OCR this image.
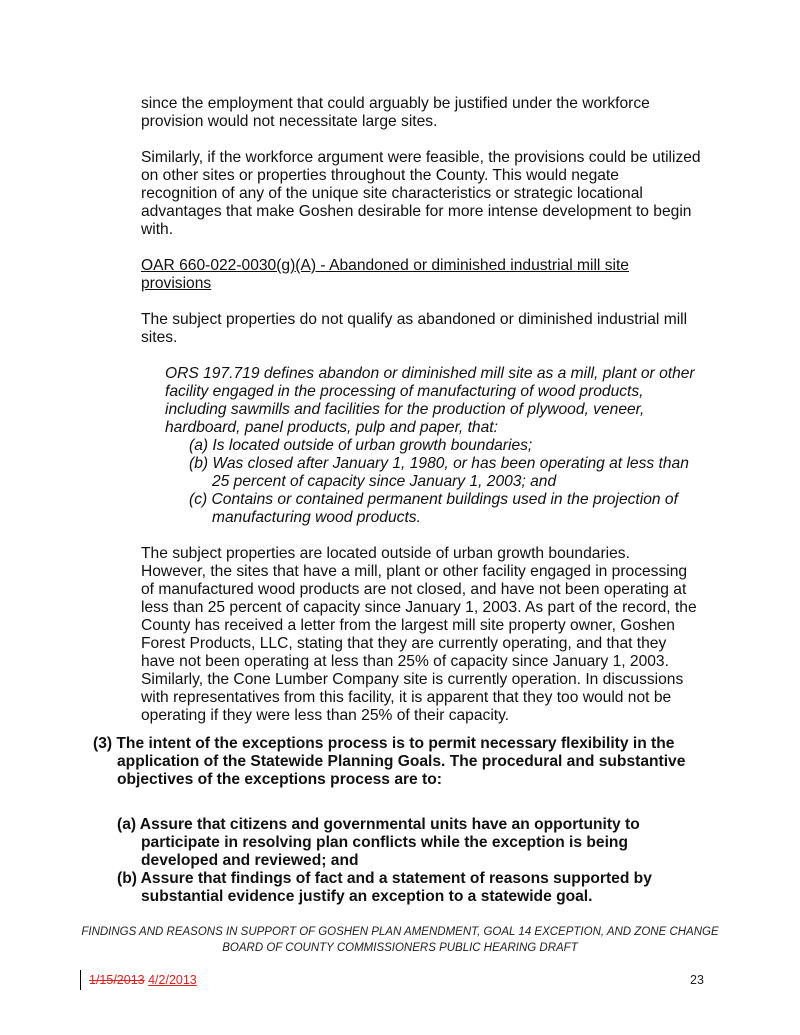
since the employment that could arguably be justified under the workforce
provision would not necessitate large sites.
Similarly, if the workforce argument were feasible, the provisions could be utilized
on other sites or properties throughout the County. This would negate
recognition of any of the unique site characteristics or strategic locational
advantages that make Goshen desirable for more intense development to begin
with.
OAR 660-022-0030(g)(A) - Abandoned or diminished industrial mill site
provisions
The subject properties do not qualify as abandoned or diminished industrial mill
sites.
ORS 197.719 defines abandon or diminished mill site as a mill, plant or other
facility engaged in the processing of manufacturing of wood products,
including sawmills and facilities for the production of plywood, veneer,
hardboard, panel products, pulp and paper, that:
(a) Is located outside of urban growth boundaries;
(b) Was closed after January 1, 1980, or has been operating at less than
25 percent of capacity since January 1, 2003; and
(c) Contains or contained permanent buildings used in the projection of
manufacturing wood products.
The subject properties are located outside of urban growth boundaries.
However, the sites that have a mill, plant or other facility engaged in processing
of manufactured wood products are not closed, and have not been operating at
less than 25 percent of capacity since January 1, 2003. As part of the record, the
County has received a letter from the largest mill site property owner, Goshen
Forest Products, LLC, stating that they are currently operating, and that they
have not been operating at less than 25% of capacity since January 1, 2003.
Similarly, the Cone Lumber Company site is currently operation. In discussions
with representatives from this facility, it is apparent that they too would not be
operating if they were less than 25% of their capacity.
(3) The intent of the exceptions process is to permit necessary flexibility in the
application of the Statewide Planning Goals. The procedural and substantive
objectives of the exceptions process are to:
(a) Assure that citizens and governmental units have an opportunity to
participate in resolving plan conflicts while the exception is being
developed and reviewed; and
(b) Assure that findings of fact and a statement of reasons supported by
substantial evidence justify an exception to a statewide goal.
FINDINGS AND REASONS IN SUPPORT OF GOSHEN PLAN AMENDMENT, GOAL 14 EXCEPTION, AND ZONE CHANGE
BOARD OF COUNTY COMMISSIONERS PUBLIC HEARING DRAFT
1/15/2013 4/2/2013	23
